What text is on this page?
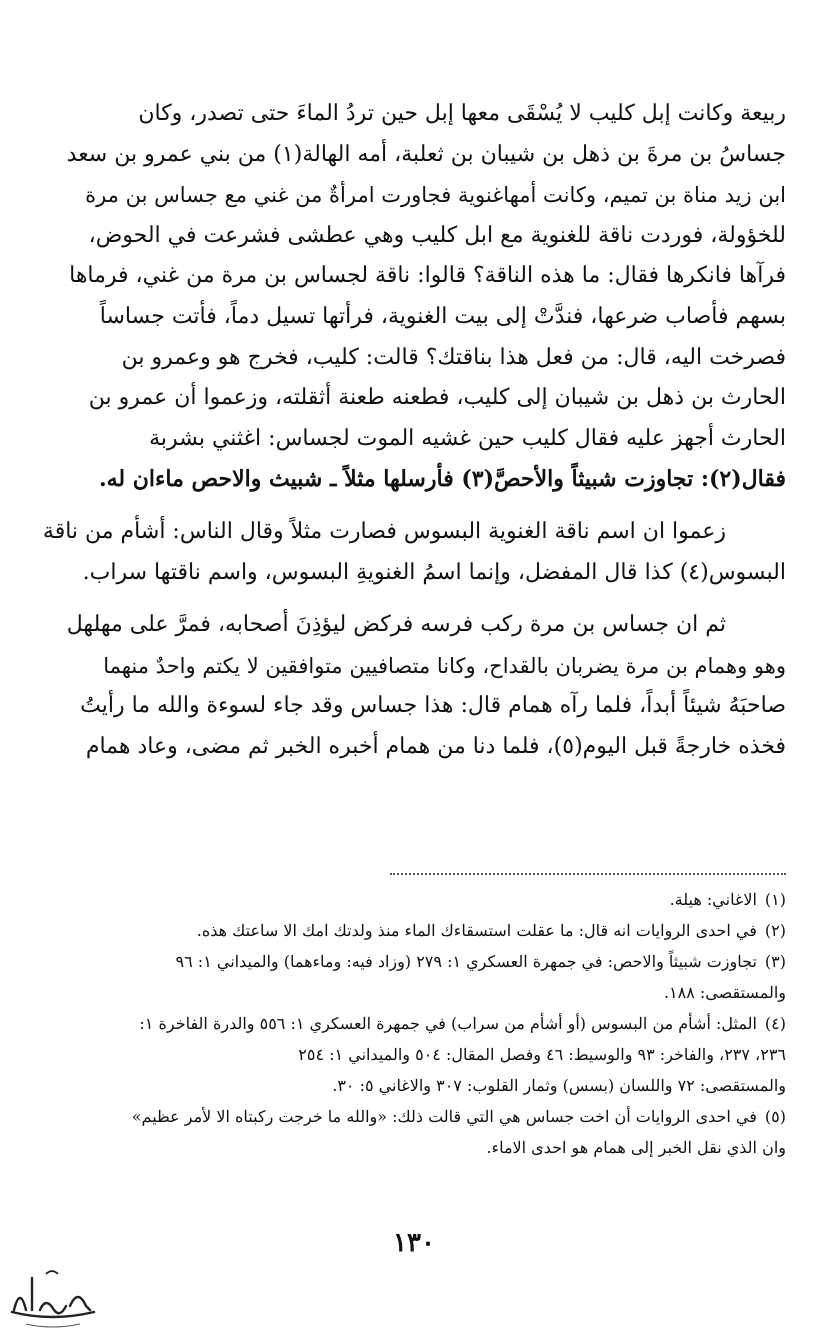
ربيعة وكانت إبل كليب لا يُسْقَى معها إبل حين تردُ الماءَ حتى تصدر، وكان

جساسُ بن مرةَ بن ذهل بن شيبان بن ثعلبة، أمه الهالة(١) من بني عمرو بن سعد

ابن زيد مناة بن تميم، وكانت أمهاغنوية فجاورت امرأةٌ من غني مع جساس بن مرة

للخؤولة، فوردت ناقة للغنوية مع ابل كليب وهي عطشى فشرعت في الحوض،

فرآها فانكرها فقال: ما هذه الناقة؟ قالوا: ناقة لجساس بن مرة من غني، فرماها

بسهم فأصاب ضرعها، فندَّتْ إلى بيت الغنوية، فرأتها تسيل دماً، فأتت جساساً

فصرخت اليه، قال: من فعل هذا بناقتك؟ قالت: كليب، فخرج هو وعمرو بن

الحارث بن ذهل بن شيبان إلى كليب، فطعنه طعنة أثقلته، وزعموا أن عمرو بن

الحارث أجهز عليه فقال كليب حين غشيه الموت لجساس: اغثني بشربة

فقال(٢): تجاوزت شبيثاً والأحصَّ(٣) فأرسلها مثلاً ـ شبيث والاحص ماءان له.

زعموا ان اسم ناقة الغنوية البسوس فصارت مثلاً وقال الناس: أشأم من ناقة

البسوس(٤) كذا قال المفضل، وإنما اسمُ الغنويةِ البسوس، واسم ناقتها سراب.

ثم ان جساس بن مرة ركب فرسه فركض ليؤذِنَ أصحابه، فمرَّ على مهلهل

وهو وهمام بن مرة يضربان بالقداح، وكانا متصافيين متوافقين لا يكتم واحدٌ منهما

صاحبَهُ شيئاً أبداً، فلما رآه همام قال: هذا جساس وقد جاء لسوءة والله ما رأيتُ

فخذه خارجةً قبل اليوم(٥)، فلما دنا من همام أخبره الخبر ثم مضى، وعاد همام

(١)الاغاني: هيلة.

(٢)في احدى الروايات انه قال: ما عقلت استسقاءك الماء منذ ولدتك امك الا ساعتك هذه.

(٣)تجاوزت شبيثاً والاحص: في جمهرة العسكري ١: ٢٧٩ (وزاد فيه: وماءهما) والميداني ١: ٩٦

والمستقصى: ١٨٨.

(٤)المثل: أشأم من البسوس (أو أشأم من سراب) في جمهرة العسكري ١: ٥٥٦ والدرة الفاخرة ١:

٢٣٦، ٢٣٧، والفاخر: ٩٣ والوسيط: ٤٦ وفصل المقال: ٥٠٤ والميداني ١: ٢٥٤

والمستقصى: ٧٢ واللسان (بسس) وثمار القلوب: ٣٠٧ والاغاني ٥: ٣٠.

(٥)في احدى الروايات أن اخت جساس هي التي قالت ذلك: «والله ما خرجت ركبتاه الا لأمر عظيم»

وان الذي نقل الخبر إلى همام هو احدى الاماء.

١٣٠
